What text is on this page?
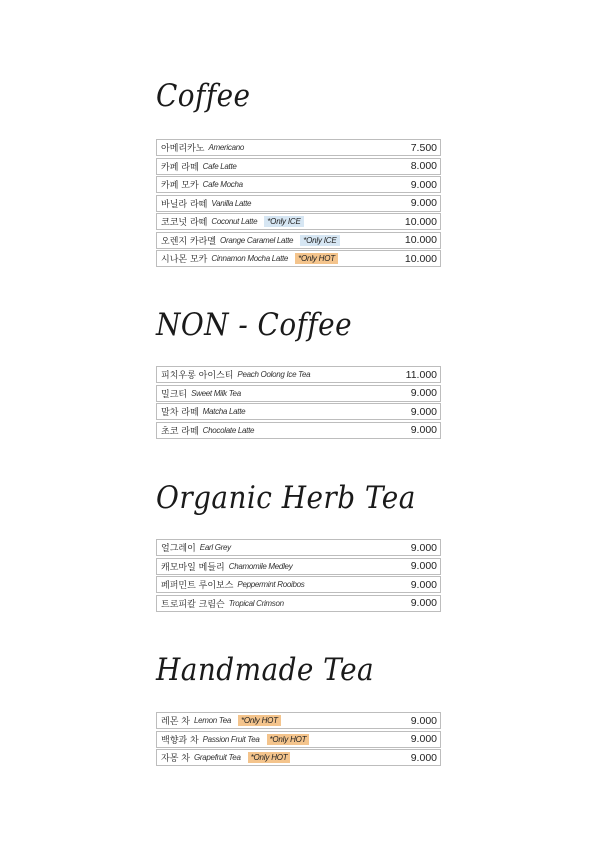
Coffee
아메리카노 Americano	7.500
카페 라떼 Cafe Latte	8.000
카페 모카 Cafe Mocha	9.000
바닐라 라떼 Vanilla Latte	9.000
코코넛 라떼 Coconut Latte	*Only ICE	10.000
오렌지 카라멜 Orange Caramel Latte	*Only ICE	10.000
시나몬 모카 Cinnamon Mocha Latte	*Only HOT	10.000
NON - Coffee
피치우롱 아이스티 Peach Oolong Ice Tea	11.000
밀크티 Sweet Milk Tea	9.000
말차 라떼 Matcha Latte	9.000
초코 라떼 Chocolate Latte	9.000
Organic Herb Tea
얼그레이 Earl Grey	9.000
캐모마일 메들리 Chamomile Medley	9.000
페퍼민트 루이보스 Peppermint Rooibos	9.000
트로피칼 크림슨 Tropical Crimson	9.000
Handmade Tea
레몬 차 Lemon Tea	*Only HOT	9.000
백향과 차 Passion Fruit Tea	*Only HOT	9.000
자몽 차 Grapefruit Tea	*Only HOT	9.000
